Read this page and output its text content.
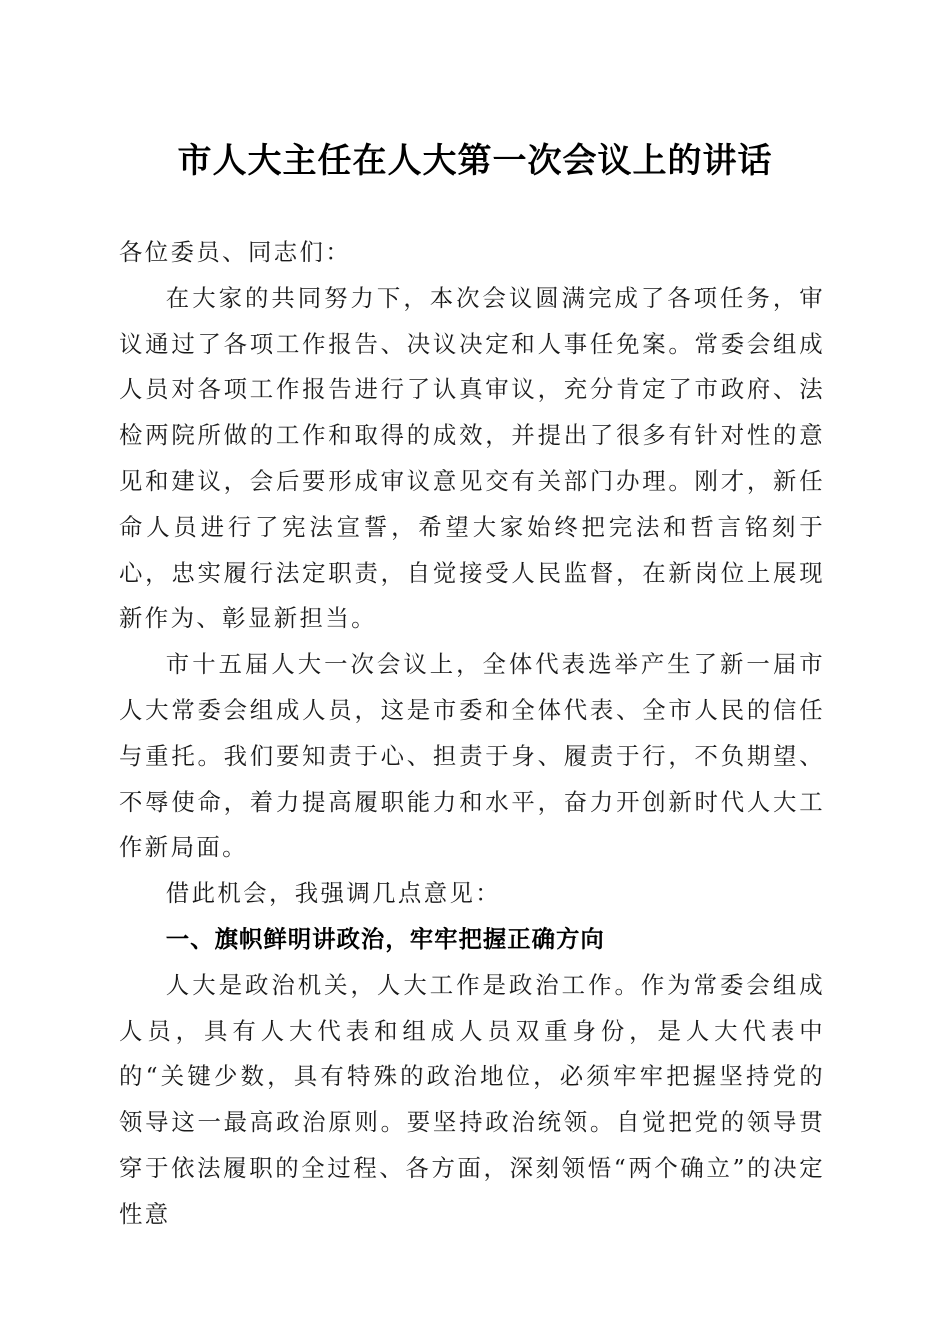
市人大主任在人大第一次会议上的讲话

各位委员、同志们：

在大家的共同努力下，本次会议圆满完成了各项任务，审议通过了各项工作报告、决议决定和人事任免案。常委会组成人员对各项工作报告进行了认真审议，充分肯定了市政府、法检两院所做的工作和取得的成效，并提出了很多有针对性的意见和建议，会后要形成审议意见交有关部门办理。刚才，新任命人员进行了宪法宣誓，希望大家始终把完法和哲言铭刻于心，忠实履行法定职责，自觉接受人民监督，在新岗位上展现新作为、彰显新担当。

市十五届人大一次会议上，全体代表选举产生了新一届市人大常委会组成人员，这是市委和全体代表、全市人民的信任与重托。我们要知责于心、担责于身、履责于行，不负期望、不辱使命，着力提高履职能力和水平，奋力开创新时代人大工作新局面。

借此机会，我强调几点意见：

一、旗帜鲜明讲政治，牢牢把握正确方向

人大是政治机关，人大工作是政治工作。作为常委会组成人员，具有人大代表和组成人员双重身份，是人大代表中的“关键少数，具有特殊的政治地位，必须牢牢把握坚持党的领导这一最高政治原则。要坚持政治统领。自觉把党的领导贯穿于依法履职的全过程、各方面，深刻领悟“两个确立”的决定性意
